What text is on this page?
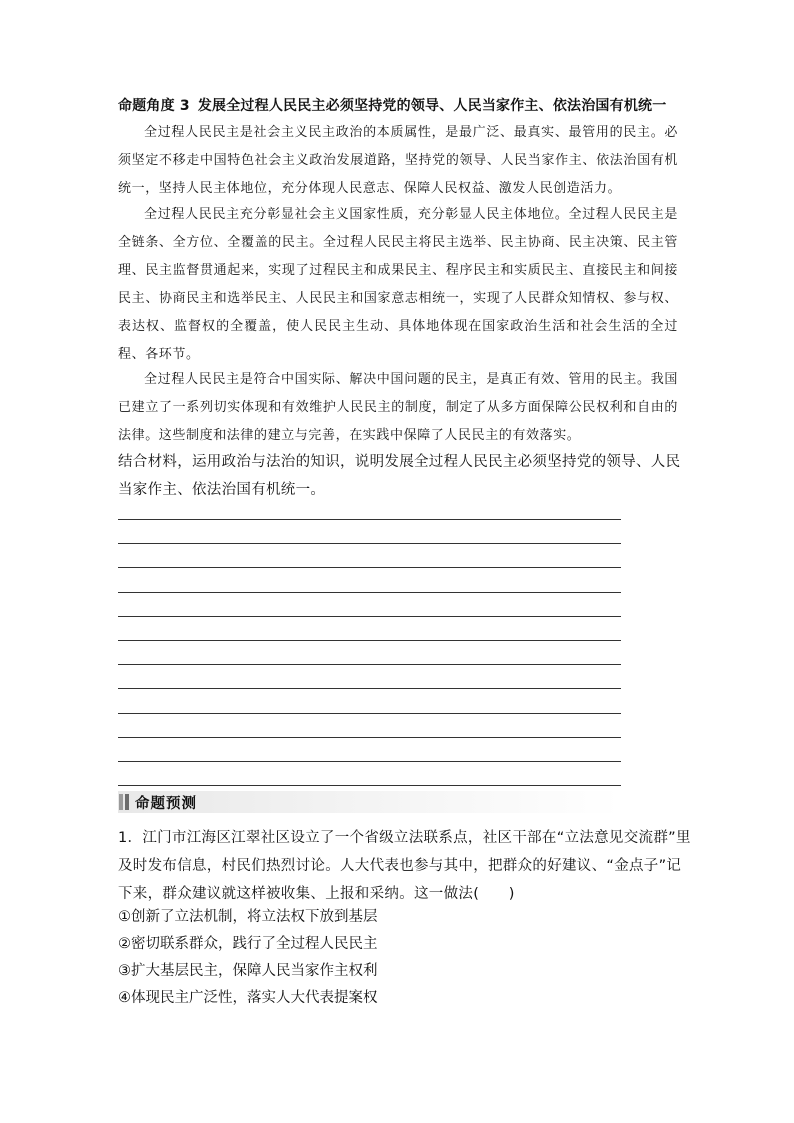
命题角度 3 发展全过程人民民主必须坚持党的领导、人民当家作主、依法治国有机统一

全过程人民民主是社会主义民主政治的本质属性，是最广泛、最真实、最管用的民主。必须坚定不移走中国特色社会主义政治发展道路，坚持党的领导、人民当家作主、依法治国有机统一，坚持人民主体地位，充分体现人民意志、保障人民权益、激发人民创造活力。

全过程人民民主充分彰显社会主义国家性质，充分彰显人民主体地位。全过程人民民主是全链条、全方位、全覆盖的民主。全过程人民民主将民主选举、民主协商、民主决策、民主管理、民主监督贯通起来，实现了过程民主和成果民主、程序民主和实质民主、直接民主和间接民主、协商民主和选举民主、人民民主和国家意志相统一，实现了人民群众知情权、参与权、表达权、监督权的全覆盖，使人民民主生动、具体地体现在国家政治生活和社会生活的全过程、各环节。

全过程人民民主是符合中国实际、解决中国问题的民主，是真正有效、管用的民主。我国已建立了一系列切实体现和有效维护人民民主的制度，制定了从多方面保障公民权利和自由的法律。这些制度和法律的建立与完善，在实践中保障了人民民主的有效落实。

结合材料，运用政治与法治的知识，说明发展全过程人民民主必须坚持党的领导、人民当家作主、依法治国有机统一。
命题预测

1．江门市江海区江翠社区设立了一个省级立法联系点，社区干部在“立法意见交流群”里及时发布信息，村民们热烈讨论。人大代表也参与其中，把群众的好建议、“金点子”记下来，群众建议就这样被收集、上报和采纳。这一做法(　　)

①创新了立法机制，将立法权下放到基层
②密切联系群众，践行了全过程人民民主
③扩大基层民主，保障人民当家作主权利
④体现民主广泛性，落实人大代表提案权
